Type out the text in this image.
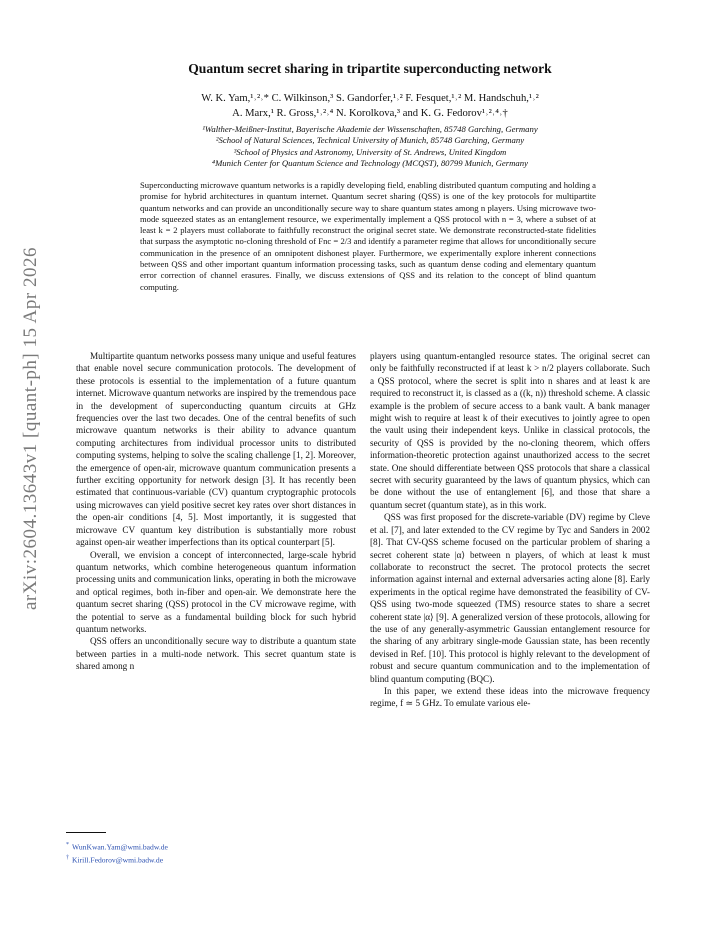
arXiv:2604.13643v1 [quant-ph] 15 Apr 2026
Quantum secret sharing in tripartite superconducting network
W. K. Yam,¹˒²˒* C. Wilkinson,³ S. Gandorfer,¹˒² F. Fesquet,¹˒² M. Handschuh,¹˒²
A. Marx,¹ R. Gross,¹˒²˒⁴ N. Korolkova,³ and K. G. Fedorov¹˒²˒⁴˒†
¹Walther-Meißner-Institut, Bayerische Akademie der Wissenschaften, 85748 Garching, Germany
²School of Natural Sciences, Technical University of Munich, 85748 Garching, Germany
³School of Physics and Astronomy, University of St. Andrews, United Kingdom
⁴Munich Center for Quantum Science and Technology (MCQST), 80799 Munich, Germany
Superconducting microwave quantum networks is a rapidly developing field, enabling distributed quantum computing and holding a promise for hybrid architectures in quantum internet. Quantum secret sharing (QSS) is one of the key protocols for multipartite quantum networks and can provide an unconditionally secure way to share quantum states among n players. Using microwave two-mode squeezed states as an entanglement resource, we experimentally implement a QSS protocol with n = 3, where a subset of at least k = 2 players must collaborate to faithfully reconstruct the original secret state. We demonstrate reconstructed-state fidelities that surpass the asymptotic no-cloning threshold of Fnc = 2/3 and identify a parameter regime that allows for unconditionally secure communication in the presence of an omnipotent dishonest player. Furthermore, we experimentally explore inherent connections between QSS and other important quantum information processing tasks, such as quantum dense coding and elementary quantum error correction of channel erasures. Finally, we discuss extensions of QSS and its relation to the concept of blind quantum computing.

Multipartite quantum networks possess many unique and useful features that enable novel secure communication protocols. The development of these protocols is essential to the implementation of a future quantum internet. Microwave quantum networks are inspired by the tremendous pace in the development of superconducting quantum circuits at GHz frequencies over the last two decades. One of the central benefits of such microwave quantum networks is their ability to advance quantum computing architectures from individual processor units to distributed computing systems, helping to solve the scaling challenge [1, 2]. Moreover, the emergence of open-air, microwave quantum communication presents a further exciting opportunity for network design [3]. It has recently been estimated that continuous-variable (CV) quantum cryptographic protocols using microwaves can yield positive secret key rates over short distances in the open-air conditions [4, 5]. Most importantly, it is suggested that microwave CV quantum key distribution is substantially more robust against open-air weather imperfections than its optical counterpart [5].

Overall, we envision a concept of interconnected, large-scale hybrid quantum networks, which combine heterogeneous quantum information processing units and communication links, operating in both the microwave and optical regimes, both in-fiber and open-air. We demonstrate here the quantum secret sharing (QSS) protocol in the CV microwave regime, with the potential to serve as a fundamental building block for such hybrid quantum networks.

QSS offers an unconditionally secure way to distribute a quantum state between parties in a multi-node network. This secret quantum state is shared among n

players using quantum-entangled resource states. The original secret can only be faithfully reconstructed if at least k > n/2 players collaborate. Such a QSS protocol, where the secret is split into n shares and at least k are required to reconstruct it, is classed as a ((k, n)) threshold scheme. A classic example is the problem of secure access to a bank vault. A bank manager might wish to require at least k of their executives to jointly agree to open the vault using their independent keys. Unlike in classical protocols, the security of QSS is provided by the no-cloning theorem, which offers information-theoretic protection against unauthorized access to the secret state. One should differentiate between QSS protocols that share a classical secret with security guaranteed by the laws of quantum physics, which can be done without the use of entanglement [6], and those that share a quantum secret (quantum state), as in this work.

QSS was first proposed for the discrete-variable (DV) regime by Cleve et al. [7], and later extended to the CV regime by Tyc and Sanders in 2002 [8]. That CV-QSS scheme focused on the particular problem of sharing a secret coherent state |α⟩ between n players, of which at least k must collaborate to reconstruct the secret. The protocol protects the secret information against internal and external adversaries acting alone [8]. Early experiments in the optical regime have demonstrated the feasibility of CV-QSS using two-mode squeezed (TMS) resource states to share a secret coherent state |α⟩ [9]. A generalized version of these protocols, allowing for the use of any generally-asymmetric Gaussian entanglement resource for the sharing of any arbitrary single-mode Gaussian state, has been recently devised in Ref. [10]. This protocol is highly relevant to the development of robust and secure quantum communication and to the implementation of blind quantum computing (BQC).

In this paper, we extend these ideas into the microwave frequency regime, f ≃ 5 GHz. To emulate various ele-

* WunKwan.Yam@wmi.badw.de
† Kirill.Fedorov@wmi.badw.de
